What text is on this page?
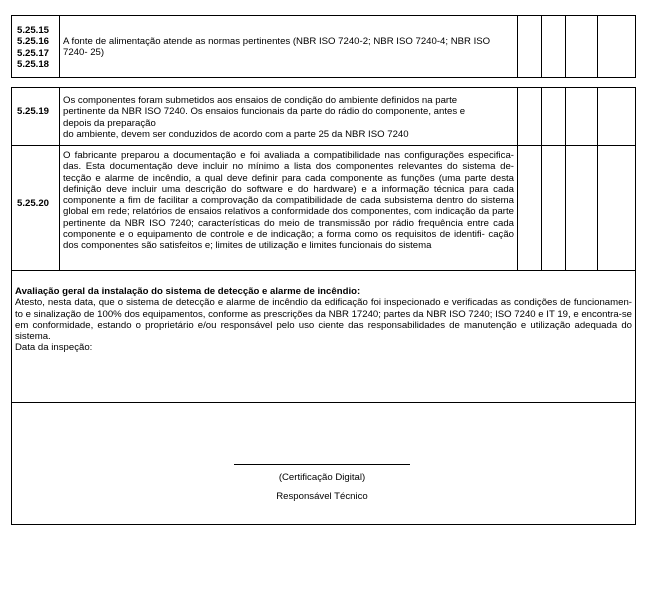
5.25.15
5.25.16
5.25.17
5.25.18
A fonte de alimentação atende as normas pertinentes (NBR ISO 7240-2; NBR ISO 7240-4; NBR ISO 7240- 25)
5.25.19
Os componentes foram submetidos aos ensaios de condição do ambiente definidos na parte
pertinente da NBR ISO 7240. Os ensaios funcionais da parte do rádio do componente, antes e
depois da preparação
do ambiente, devem ser conduzidos de acordo com a parte 25 da NBR ISO 7240
5.25.20
O fabricante preparou a documentação e foi avaliada a compatibilidade nas configurações especifica- das. Esta documentação deve incluir no mínimo a lista dos componentes relevantes do sistema de- tecção e alarme de incêndio, a qual deve definir para cada componente as funções (uma parte desta definição deve incluir uma descrição do software e do hardware) e a informação técnica para cada componente a fim de facilitar a comprovação da compatibilidade de cada subsistema dentro do sistema global em rede; relatórios de ensaios relativos a conformidade dos componentes, com indicação da parte pertinente da NBR ISO 7240; características do meio de transmissão por rádio frequência entre cada componente e o equipamento de controle e de indicação; a forma como os requisitos de identifi- cação dos componentes são satisfeitos e; limites de utilização e limites funcionais do sistema
Avaliação geral da instalação do sistema de detecção e alarme de incêndio:
Atesto, nesta data, que o sistema de detecção e alarme de incêndio da edificação foi inspecionado e verificadas as condições de funcionamen- to e sinalização de 100% dos equipamentos, conforme as prescrições da NBR 17240; partes da NBR ISO 7240; ISO 7240 e IT 19, e encontra-se em conformidade, estando o proprietário e/ou responsável pelo uso ciente das responsabilidades de manutenção e utilização adequada do sistema.
Data da inspeção:
(Certificação Digital)
Responsável Técnico
